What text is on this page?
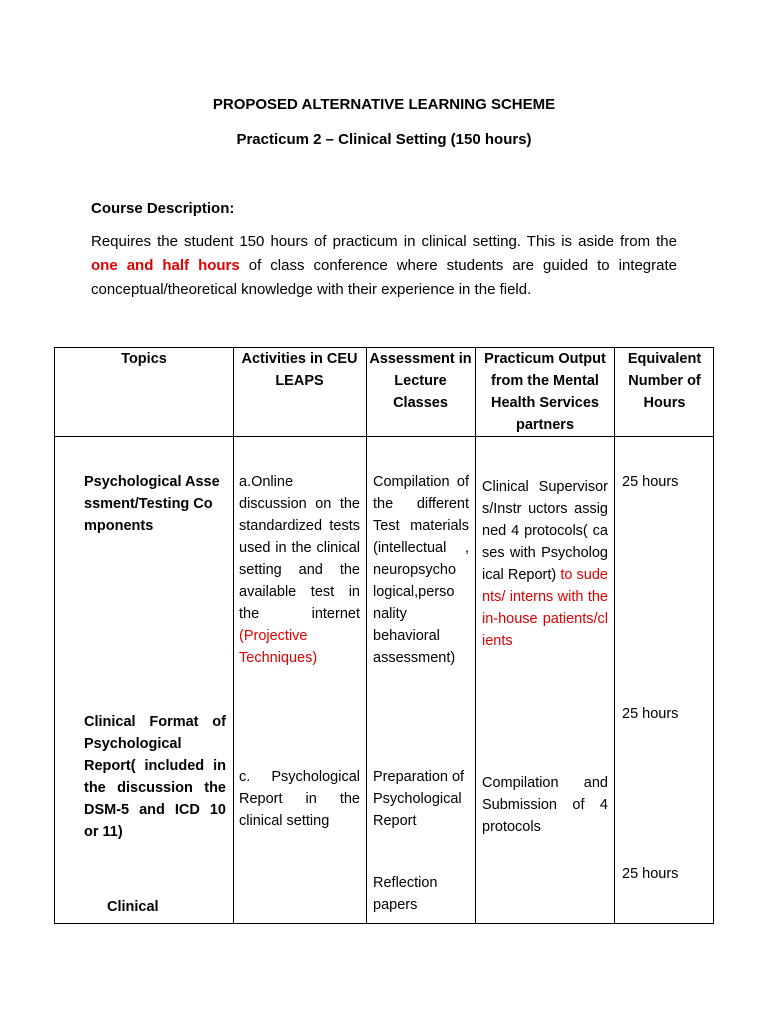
PROPOSED ALTERNATIVE LEARNING SCHEME
Practicum 2 – Clinical Setting (150 hours)
Course Description:
Requires the student 150 hours of practicum in clinical setting. This is aside from the one and half hours of class conference where students are guided to integrate conceptual/theoretical knowledge with their experience in the field.
Topics	Activities in CEU LEAPS
Assessment in Lecture Classes
Practicum Output from the Mental Health Services partners
Equivalent Number of Hours
Psychological Assessment/Testing Components
Clinical Format of Psychological Report( included in the discussion the DSM-5 and ICD 10 or 11)
Clinical
a.Online discussion on the standardized tests used in the clinical setting and the available test in the internet (Projective Techniques)
c. Psychological Report in the clinical setting
Compilation of the different Test materials (intellectual , neuropsycho logical,perso nality behavioral assessment)
Preparation of Psychological Report
Reflection papers
Clinical Supervisors/Instr uctors assigned 4 protocols( cases with Psychological Report) to sudents/ interns with the in-house patients/clients
Compilation and Submission of 4 protocols
25 hours
25 hours
25 hours
